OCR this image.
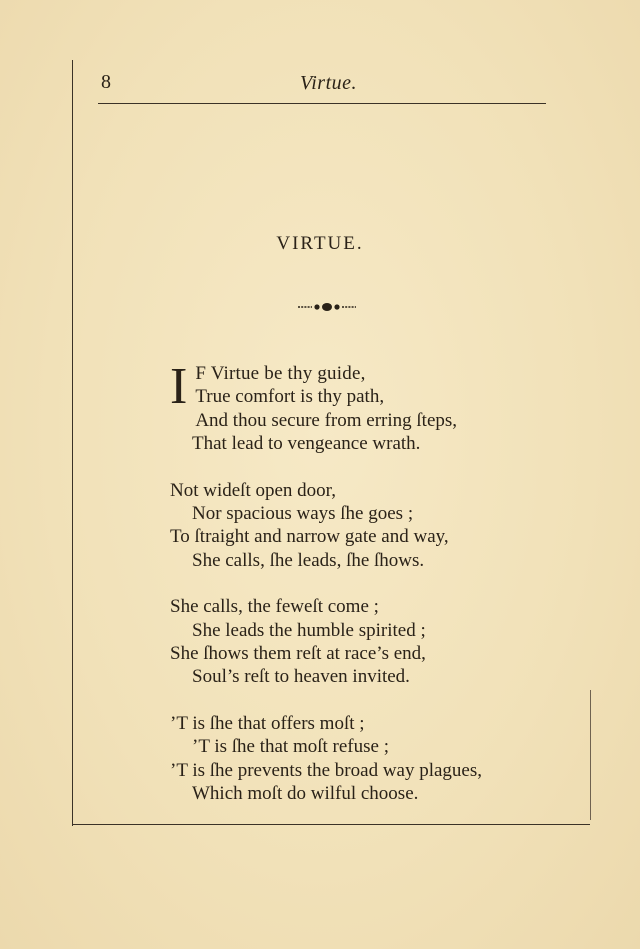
8	Virtue.
VIRTUE.
I F Virtue be thy guide,
True comfort is thy path,
And thou secure from erring ſteps,
That lead to vengeance wrath.
Not wideſt open door,
Nor spacious ways ſhe goes ;
To ſtraight and narrow gate and way,
She calls, ſhe leads, ſhe ſhows.
She calls, the feweſt come ;
She leads the humble spirited ;
She ſhows them reſt at race’s end,
Soul’s reſt to heaven invited.
’T is ſhe that offers moſt ;
’T is ſhe that moſt refuse ;
’T is ſhe prevents the broad way plagues,
Which moſt do wilful choose.
